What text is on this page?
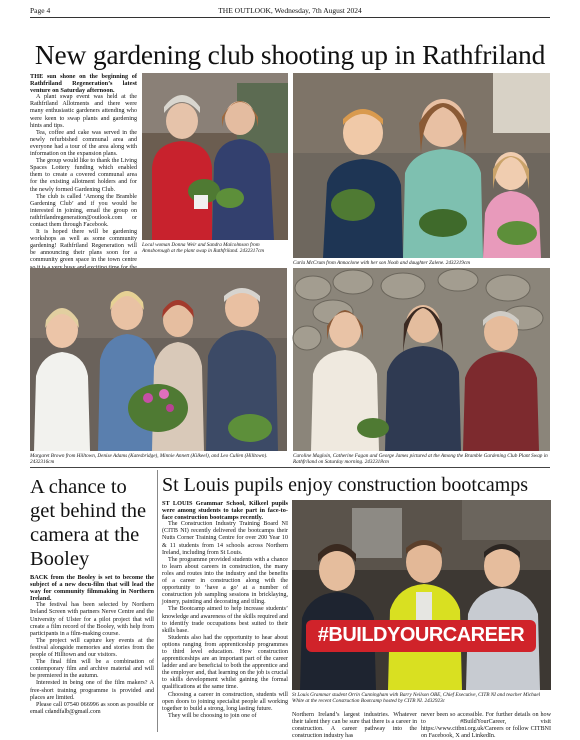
Page 4	THE OUTLOOK, Wednesday, 7th August 2024
New gardening club shooting up in Rathfriland

THE sun shone on the beginning of Rathfriland Regeneration’s latest venture on Saturday afternoon.

A plant swap event was held at the Rathfriland Allotments and there were many enthusiastic gardeners attending who were keen to swap plants and gardening hints and tips.

Tea, coffee and cake was served in the newly refurbished communal area and everyone had a tour of the area along with information on the expansion plans.

The group would like to thank the Living Spaces Lottery funding which enabled them to create a covered communal area for the existing allotment holders and for the newly formed Gardening Club.

The club is called ‘Among the Bramble Gardening Club’ and if you would be interested in joining, email the group on rathfrilandregeneration@outlook.com or contact them through Facebook.

It is hoped there will be gardening workshops as well as some community gardening! Rathfriland Regeneration will be announcing their plans soon for a community green space in the town centre

Local woman Donna Weir and Sandra Malcolmson from Annsborough at the plant swap in Rathfriland. 2432317cm
Carla McCrum from Annaclone with her son Noah and daughter Zalene. 2432319cm
Margaret Brown from Hilltown, Denise Adams (Katesbridge), Minnie Annett (Kilkeel), and Leo Cullen (Hilltown). 2432316cm
Caroline Magloin, Catherine Fagan and George James pictured at the Among the Bramble Gardening Club Plant Swap in Rathfriland on Saturday morning. 2432318cm
A chance to get behind the camera at the Booley

BACK from the Booley is set to become the subject of a new docu-film that will lead the way for community filmmaking in Northern Ireland.

The festival has been selected by Northern Ireland Screen with partners Nerve Centre and the University of Ulster for a pilot project that will create a film record of the Booley, with help from participants in a film-making course.

The project will capture key events at the festival alongside memories and stories from the people of Hilltown and our visitors.

The final film will be a combination of contemporary film and archive material and will be premiered in the autumn.

Interested in being one of the film makers? A free-short training programme is provided and places are limited.

Please call 07540 066996 as soon as possible or email cdandfalb@gmail.com

St Louis pupils enjoy construction bootcamps

ST LOUIS Grammar School, Kilkeel pupils were among students to take part in face-to-face construction bootcamps recently.

The Construction Industry Training Board NI (CITB NI) recently delivered the bootcamps their Nutts Corner Training Centre for over 200 Year 10 & 11 students from 14 schools across Northern Ireland, including from St Louis.

The programme provided students with a chance to learn about careers in construction, the many roles and routes into the industry and the benefits of a career in construction along with the opportunity to ‘have a go’ at a number of construction job sampling sessions in bricklaying, joinery, painting and decorating and tiling.

The Bootcamp aimed to help increase students’ knowledge and awareness of the skills required and to identify trade occupations best suited to their skills base.

Students also had the opportunity to hear about options ranging from apprenticeship programmes to third level education. How construction apprenticeships are an important part of the career ladder and are beneficial to both the apprentice and the employer and, that learning on the job is crucial to skills development whilst gaining the formal qualifications at the same time.

Choosing a career in construction, students will open doors to joining specialist people all working together to build a strong, long lasting future.

They will be choosing to join one of

#BUILDYOURCAREER
St Louis Grammar student Orrin Cunningham with Barry Neilson OBE, Chief Executive, CITB NI and teacher Michael White at the recent Construction Bootcamp hosted by CITB NI. 2432923c

Northern Ireland’s largest industries. Whatever their talent they can be sure that there is a career in construction. A career pathway into the construction industry has

never been so accessible. For further details on how to #BuildYourCareer, visit https://www.citbni.org.uk/Careers or follow CITBNI on Facebook, X and LinkedIn.
